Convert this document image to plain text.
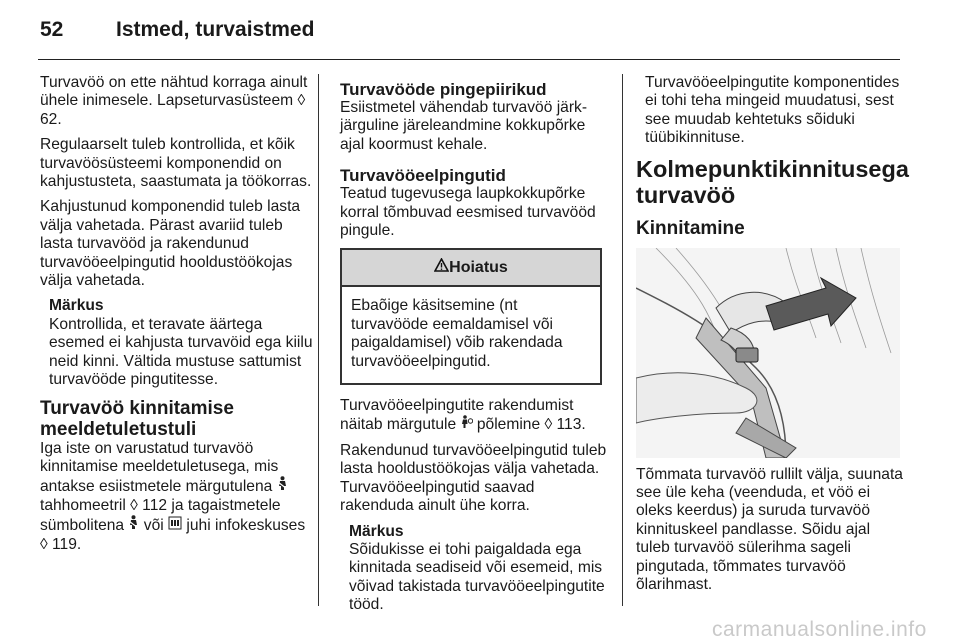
52	Istmed, turvaistmed

Turvavöö on ette nähtud korraga ainult ühele inimesele. Lapseturvasüsteem ◊ 62.

Regulaarselt tuleb kontrollida, et kõik turvavöösüsteemi komponendid on kahjustusteta, saastumata ja töökorras.

Kahjustunud komponendid tuleb lasta välja vahetada. Pärast avariid tuleb lasta turvavööd ja rakendunud turvavööeelpingutid hooldustöökojas välja vahetada.

Märkus
Kontrollida, et teravate äärtega esemed ei kahjusta turvavöid ega kiilu neid kinni. Vältida mustuse sattumist turvavööde pingutitesse.
Turvavöö kinnitamise meeldetuletustuli

Iga iste on varustatud turvavöö kinnitamise meeldetuletusega, mis antakse esiistmetele märgutulena  tahhomeetril ◊ 112 ja tagaistmetele sümbolitena või juhi infokeskuses ◊ 119.

Turvavööde pingepiirikud

Esiistmetel vähendab turvavöö järk-järguline järeleandmine kokkupõrke ajal koormust kehale.

Turvavööeelpingutid

Teatud tugevusega laupkokkupõrke korral tõmbuvad eesmised turvavööd pingule.

Hoiatus
Ebaõige käsitsemine (nt turvavööde eemaldamisel või paigaldamisel) võib rakendada turvavööeelpingutid.

Turvavööeelpingutite rakendumist näitab märgutule põlemine ◊ 113.

Rakendunud turvavööeelpingutid tuleb lasta hooldustöökojas välja vahetada. Turvavööeelpingutid saavad rakenduda ainult ühe korra.

Märkus
Sõidukisse ei tohi paigaldada ega kinnitada seadiseid või esemeid, mis võivad takistada turvavööeelpingutite tööd.
Turvavööeelpingutite komponentides ei tohi teha mingeid muudatusi, sest see muudab kehtetuks sõiduki tüübikinnituse.
Kolmepunktikinnitusega turvavöö
Kinnitamine

Tõmmata turvavöö rullilt välja, suunata see üle keha (veenduda, et vöö ei oleks keerdus) ja suruda turvavöö kinnituskeel pandlasse. Sõidu ajal tuleb turvavöö sülerihma sageli pingutada, tõmmates turvavöö õlarihmast.

carmanualsonline.info
